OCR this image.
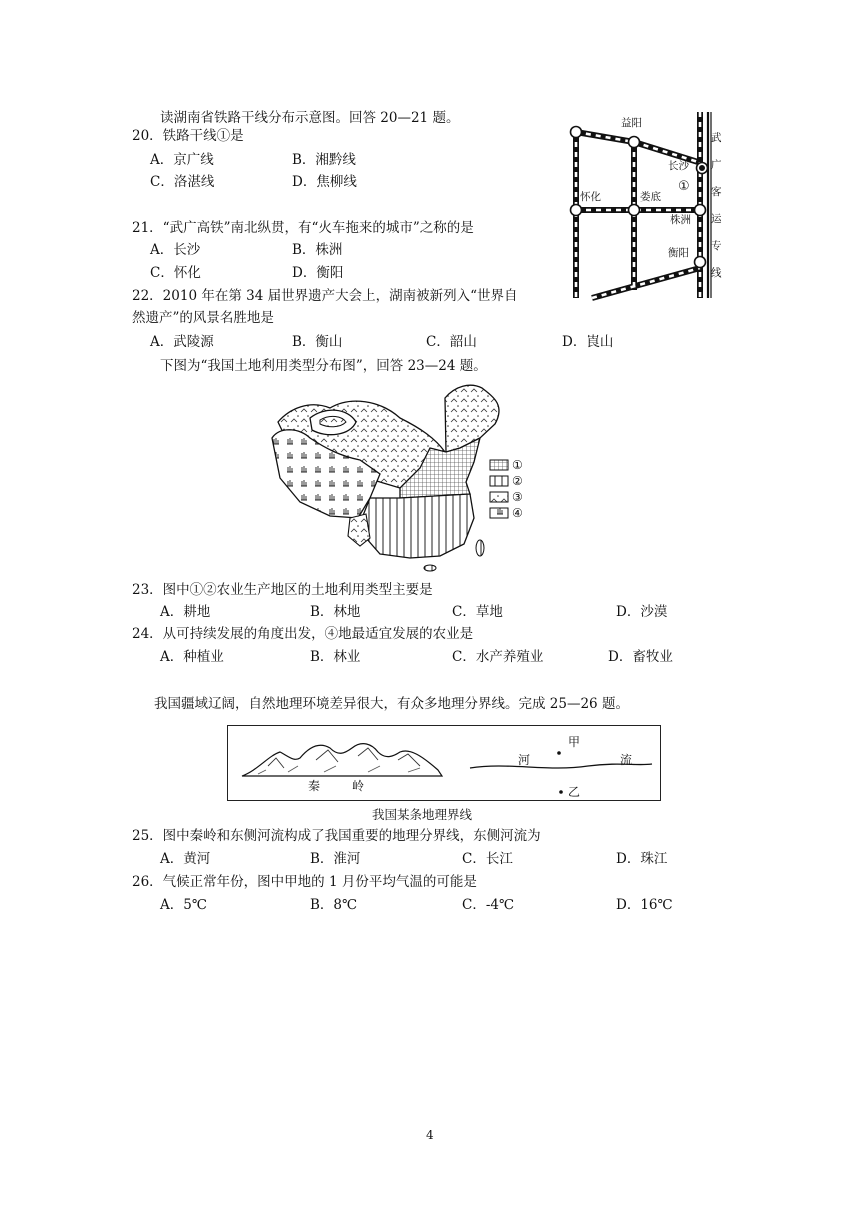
读湖南省铁路干线分布示意图。回答 20—21 题。
20．铁路干线①是
A．京广线	B．湘黔线
C．洛湛线	D．焦柳线
21．“武广高铁”南北纵贯，有“火车拖来的城市”之称的是
A．长沙	B．株洲
C．怀化	D．衡阳
22．2010 年在第 34 届世界遗产大会上，湖南被新列入“世界自
然遗产”的风景名胜地是
A．武陵源	B．衡山	C．韶山	D．崀山
益阳
长沙
怀化	娄底
株洲
衡阳
①
武
广
客
运
专
线
下图为“我国土地利用类型分布图”，回答 23—24 题。
①
②
③
④
23．图中①②农业生产地区的土地利用类型主要是
A．耕地	B．林地	C．草地	D．沙漠
24．从可持续发展的角度出发，④地最适宜发展的农业是
A．种植业	B．林业	C．水产养殖业	D．畜牧业
我国疆域辽阔，自然地理环境差异很大，有众多地理分界线。完成 25—26 题。
秦	岭
河	流
甲
乙
我国某条地理界线
25．图中秦岭和东侧河流构成了我国重要的地理分界线，东侧河流为
A．黄河	B．淮河	C．长江	D．珠江
26．气候正常年份，图中甲地的 1 月份平均气温的可能是
A．5℃	B．8℃	C．-4℃	D．16℃
4
